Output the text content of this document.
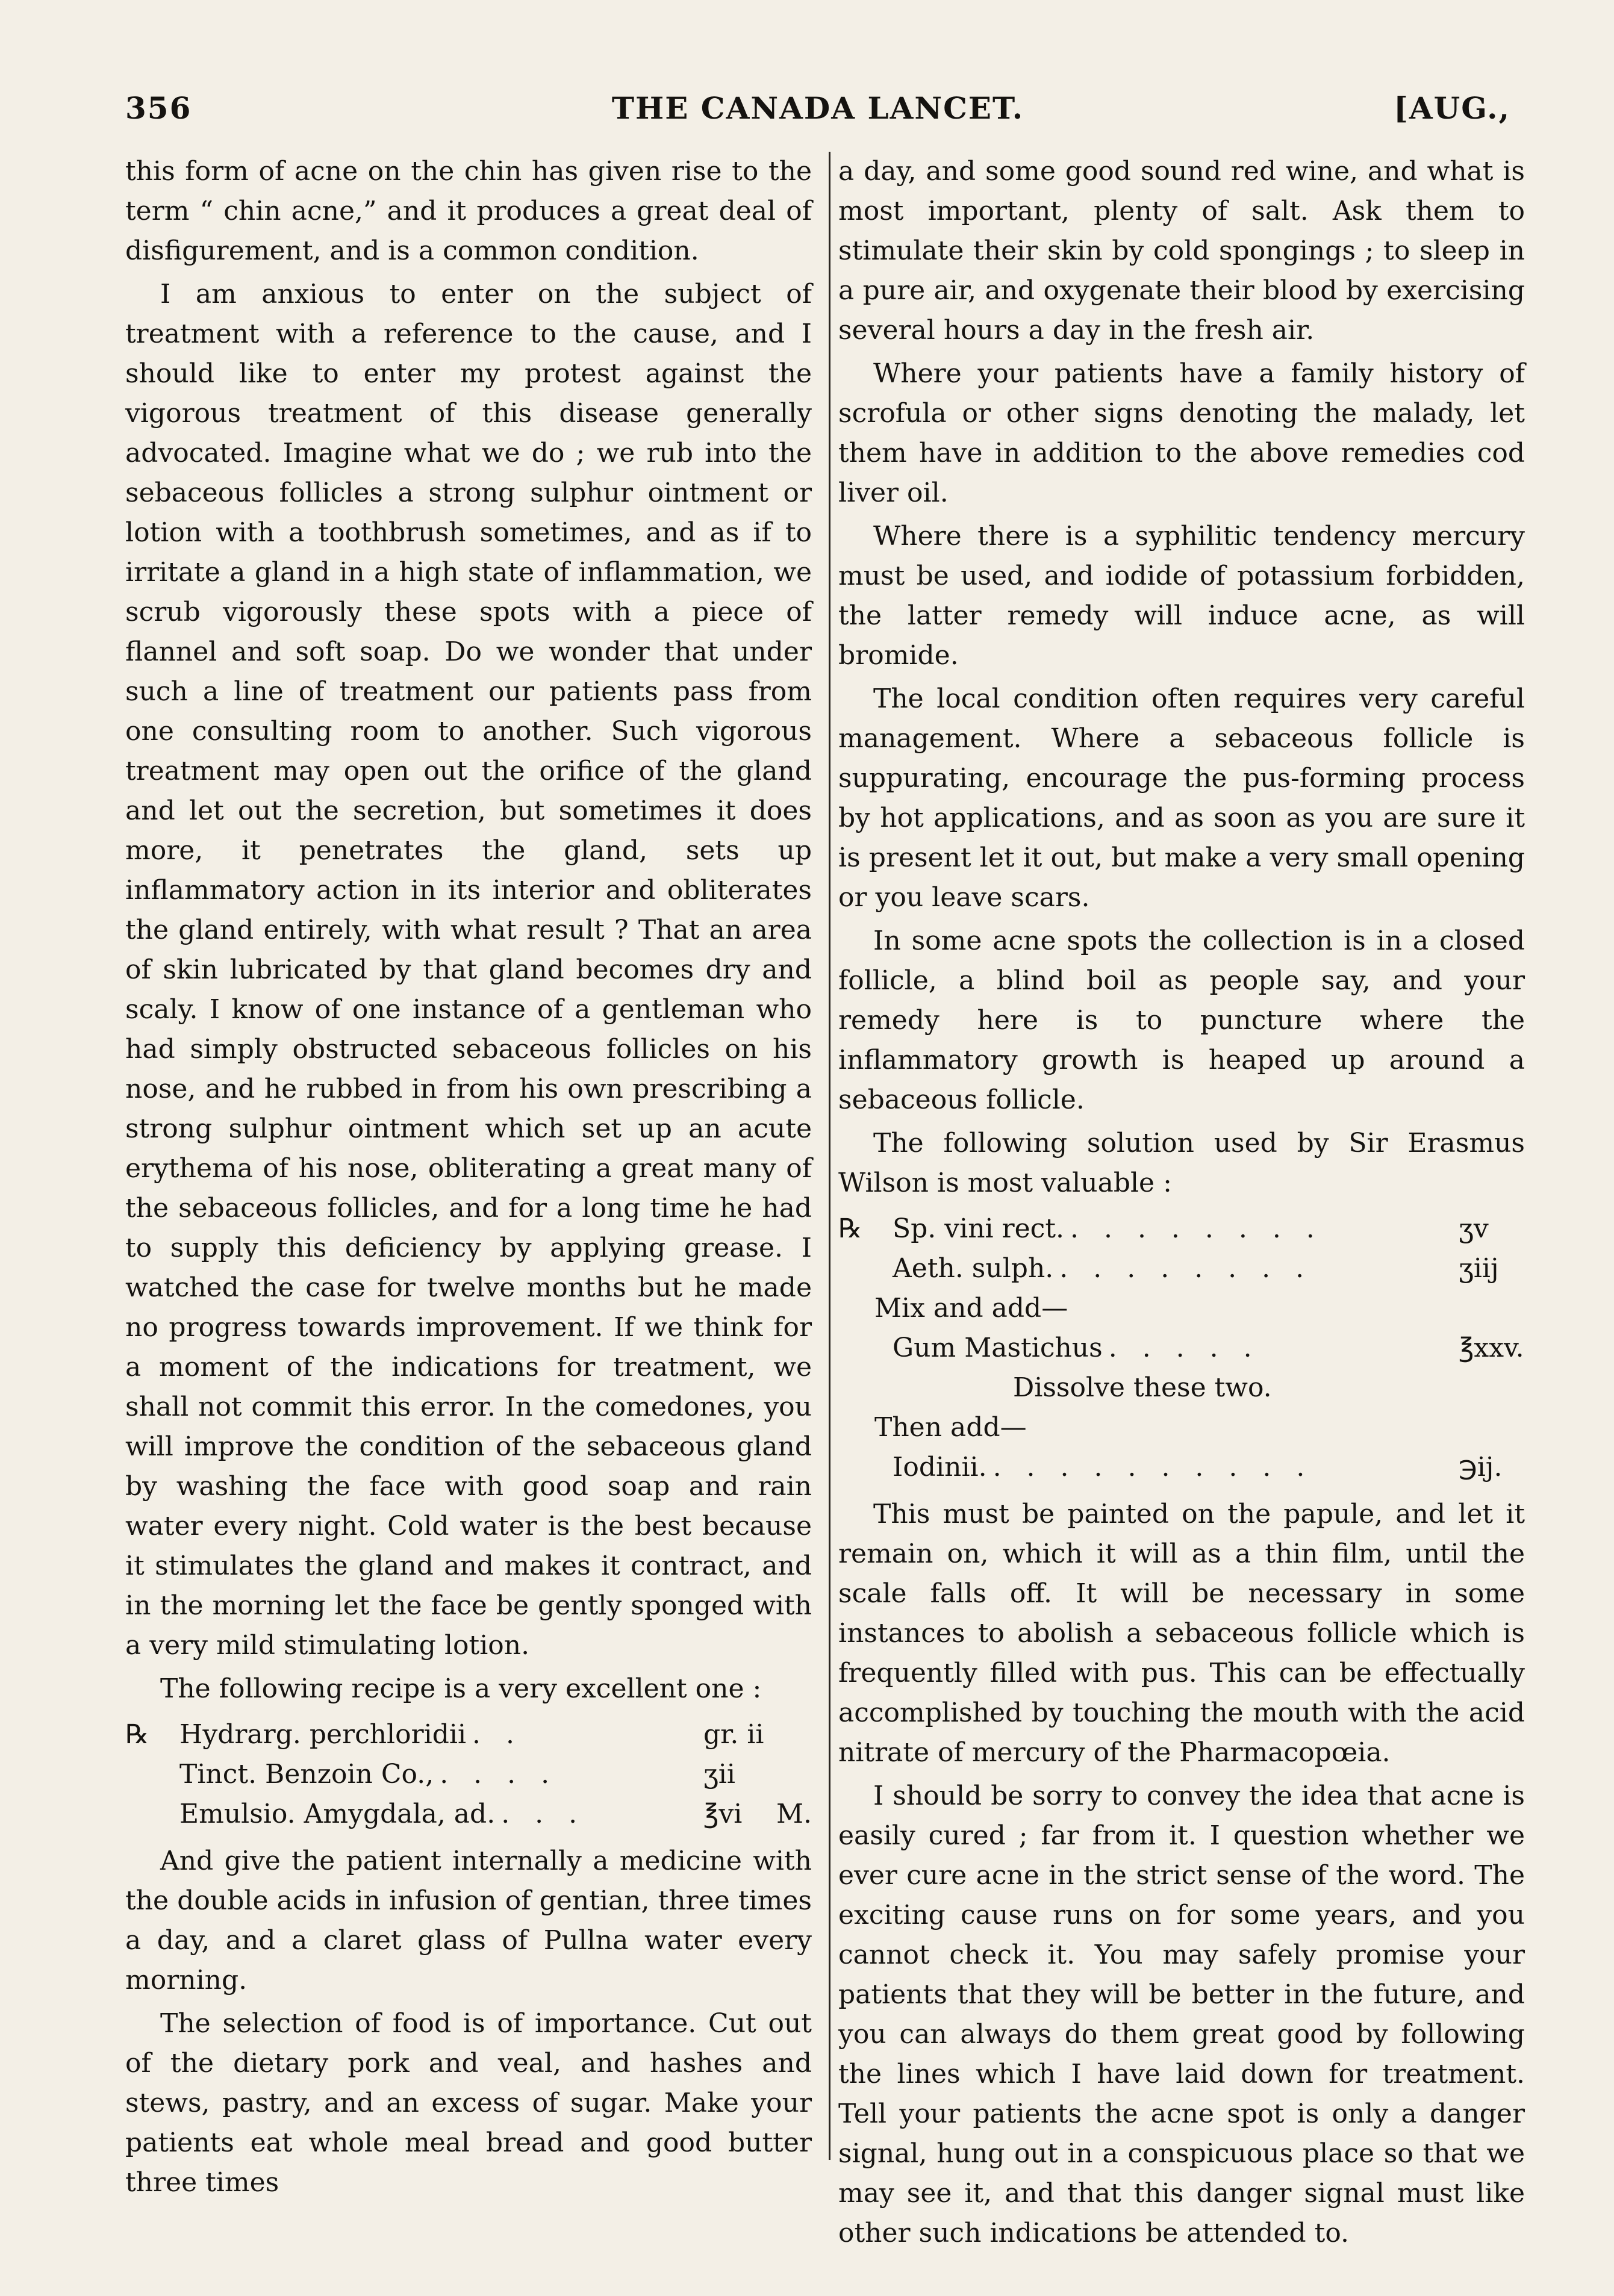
356	THE CANADA LANCET.	[AUG.,

this form of acne on the chin has given rise to the term “ chin acne,” and it produces a great deal of disfigurement, and is a common condition.

I am anxious to enter on the subject of treatment with a reference to the cause, and I should like to enter my protest against the vigorous treatment of this disease generally advocated. Imagine what we do ; we rub into the sebaceous follicles a strong sulphur ointment or lotion with a toothbrush sometimes, and as if to irritate a gland in a high state of inflammation, we scrub vigorously these spots with a piece of flannel and soft soap. Do we wonder that under such a line of treatment our patients pass from one consulting room to another. Such vigorous treatment may open out the orifice of the gland and let out the secretion, but sometimes it does more, it penetrates the gland, sets up inflammatory action in its interior and obliterates the gland entirely, with what result ? That an area of skin lubricated by that gland becomes dry and scaly. I know of one instance of a gentleman who had simply obstructed sebaceous follicles on his nose, and he rubbed in from his own prescribing a strong sulphur ointment which set up an acute erythema of his nose, obliterating a great many of the sebaceous follicles, and for a long time he had to supply this deficiency by applying grease. I watched the case for twelve months but he made no progress towards improvement. If we think for a moment of the indications for treatment, we shall not commit this error. In the comedones, you will improve the condition of the sebaceous gland by washing the face with good soap and rain water every night. Cold water is the best because it stimulates the gland and makes it contract, and in the morning let the face be gently sponged with a very mild stimulating lotion.

The following recipe is a very excellent one :

℞	Hydrarg. perchloridii . .	gr. ii
Tinct. Benzoin Co., . . . .	ʒii
Emulsio. Amygdala, ad. . . .	℥vi	M.

And give the patient internally a medicine with the double acids in infusion of gentian, three times a day, and a claret glass of Pullna water every morning.

The selection of food is of importance. Cut out of the dietary pork and veal, and hashes and stews, pastry, and an excess of sugar. Make your patients eat whole meal bread and good butter three times

a day, and some good sound red wine, and what is most important, plenty of salt. Ask them to stimulate their skin by cold spongings ; to sleep in a pure air, and oxygenate their blood by exercising several hours a day in the fresh air.

Where your patients have a family history of scrofula or other signs denoting the malady, let them have in addition to the above remedies cod liver oil.

Where there is a syphilitic tendency mercury must be used, and iodide of potassium forbidden, the latter remedy will induce acne, as will bromide.

The local condition often requires very careful management. Where a sebaceous follicle is suppurating, encourage the pus-forming process by hot applications, and as soon as you are sure it is present let it out, but make a very small opening or you leave scars.

In some acne spots the collection is in a closed follicle, a blind boil as people say, and your remedy here is to puncture where the inflammatory growth is heaped up around a sebaceous follicle.

The following solution used by Sir Erasmus Wilson is most valuable :

℞	Sp. vini rect. . . . . . . . .	ʒv
Aeth. sulph. . . . . . . . .	ʒiij
Mix and add—
Gum Mastichus . . . . .	℥xxv.
Dissolve these two.
Then add—
Iodinii. . . . . . . . . . .	℈ij.

This must be painted on the papule, and let it remain on, which it will as a thin film, until the scale falls off. It will be necessary in some instances to abolish a sebaceous follicle which is frequently filled with pus. This can be effectually accomplished by touching the mouth with the acid nitrate of mercury of the Pharmacopœia.

I should be sorry to convey the idea that acne is easily cured ; far from it. I question whether we ever cure acne in the strict sense of the word. The exciting cause runs on for some years, and you cannot check it. You may safely promise your patients that they will be better in the future, and you can always do them great good by following the lines which I have laid down for treatment. Tell your patients the acne spot is only a danger signal, hung out in a conspicuous place so that we may see it, and that this danger signal must like other such indications be attended to.
